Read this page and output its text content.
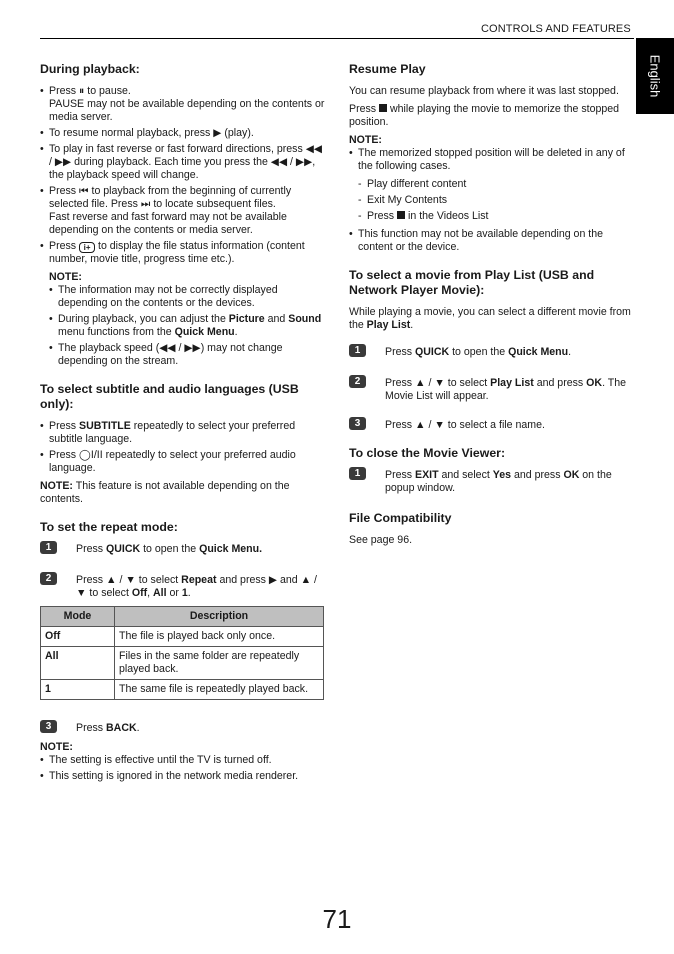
CONTROLS AND FEATURES
English
During playback:
• Press ⏸ to pause.
PAUSE may not be available depending on the contents or media server.
• To resume normal playback, press ▶ (play).
• To play in fast reverse or fast forward directions, press ◀◀ / ▶▶ during playback. Each time you press the ◀◀ / ▶▶, the playback speed will change.
• Press ⏮ to playback from the beginning of currently selected file. Press ⏭ to locate subsequent files.
Fast reverse and fast forward may not be available depending on the contents or media server.
• Press i+ to display the file status information (content number, movie title, progress time etc.).
NOTE:
• The information may not be correctly displayed depending on the contents or the devices.
• During playback, you can adjust the Picture and Sound menu functions from the Quick Menu.
• The playback speed (◀◀ / ▶▶) may not change depending on the stream.
To select subtitle and audio languages (USB only):
• Press SUBTITLE repeatedly to select your preferred subtitle language.
• Press ◯I/II repeatedly to select your preferred audio language.

NOTE: This feature is not available depending on the contents.

To set the repeat mode:
1	Press QUICK to open the Quick Menu.
2	Press ▲ / ▼ to select Repeat and press ▶ and ▲ / ▼ to select Off, All or 1.
Mode	Description
Off	The file is played back only once.
All	Files in the same folder are repeatedly played back.
1	The same file is repeatedly played back.
3	Press BACK.
NOTE:
• The setting is effective until the TV is turned off.
• This setting is ignored in the network media renderer.
Resume Play

You can resume playback from where it was last stopped.

Press while playing the movie to memorize the stopped position.

NOTE:
• The memorized stopped position will be deleted in any of the following cases.
- Play different content
- Exit My Contents
- Press in the Videos List
• This function may not be available depending on the content or the device.
To select a movie from Play List (USB and Network Player Movie):

While playing a movie, you can select a different movie from the Play List.

1	Press QUICK to open the Quick Menu.
2	Press ▲ / ▼ to select Play List and press OK. The Movie List will appear.
3	Press ▲ / ▼ to select a file name.
To close the Movie Viewer:
1	Press EXIT and select Yes and press OK on the popup window.
File Compatibility

See page 96.

71
